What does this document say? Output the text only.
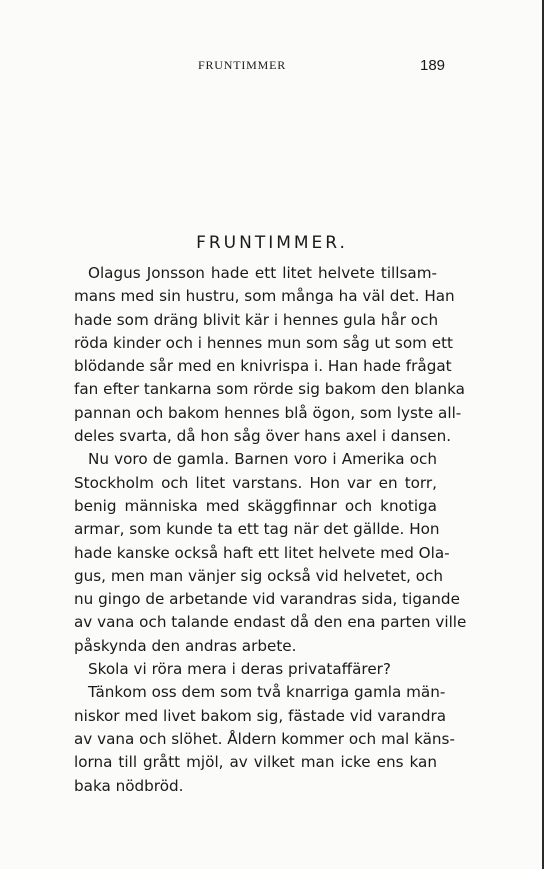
FRUNTIMMER	189
FRUNTIMMER.
Olagus Jonsson hade ett litet helvete tillsam-
mans med sin hustru, som många ha väl det. Han
hade som dräng blivit kär i hennes gula hår och
röda kinder och i hennes mun som såg ut som ett
blödande sår med en knivrispa i. Han hade frågat
fan efter tankarna som rörde sig bakom den blanka
pannan och bakom hennes blå ögon, som lyste all-
deles svarta, då hon såg över hans axel i dansen.
Nu voro de gamla. Barnen voro i Amerika och
Stockholm och litet varstans. Hon var en torr,
benig människa med skäggfinnar och knotiga
armar, som kunde ta ett tag när det gällde. Hon
hade kanske också haft ett litet helvete med Ola-
gus, men man vänjer sig också vid helvetet, och
nu gingo de arbetande vid varandras sida, tigande
av vana och talande endast då den ena parten ville
påskynda den andras arbete.
Skola vi röra mera i deras privataffärer?
Tänkom oss dem som två knarriga gamla män-
niskor med livet bakom sig, fästade vid varandra
av vana och slöhet. Åldern kommer och mal käns-
lorna till grått mjöl, av vilket man icke ens kan
baka nödbröd.
